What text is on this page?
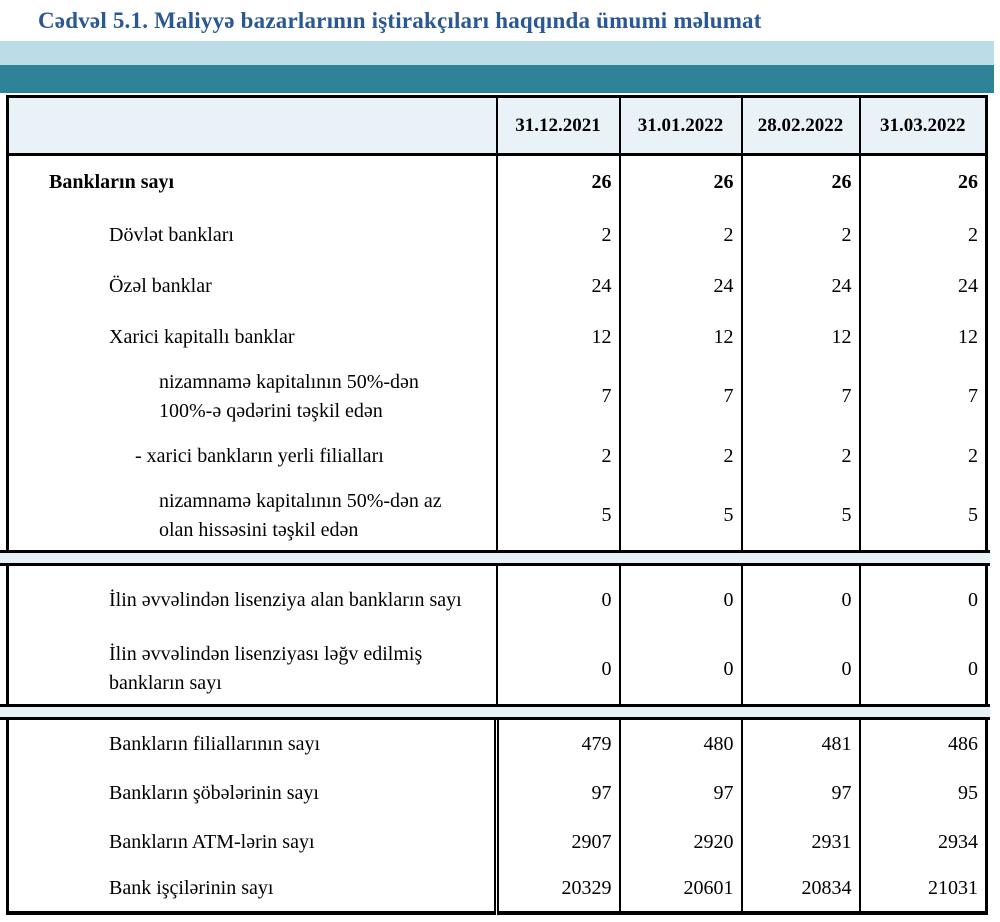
Cədvəl 5.1. Maliyyə bazarlarının iştirakçıları haqqında ümumi məlumat
	31.12.2021	31.01.2022	28.02.2022	31.03.2022
Bankların sayı	26	26	26	26
Dövlət bankları	2	2	2	2
Özəl banklar	24	24	24	24
Xarici kapitallı banklar	12	12	12	12
nizamnamə kapitalının 50%-dən 100%-ə qədərini təşkil edən	7	7	7	7
- xarici bankların yerli filialları	2	2	2	2
nizamnamə kapitalının 50%-dən az olan hissəsini təşkil edən	5	5	5	5
İlin əvvəlindən lisenziya alan bankların sayı	0	0	0	0
İlin əvvəlindən lisenziyası ləğv edilmiş bankların sayı	0	0	0	0
Bankların filiallarının sayı	479	480	481	486
Bankların şöbələrinin sayı	97	97	97	95
Bankların ATM-lərin sayı	2907	2920	2931	2934
Bank işçilərinin sayı	20329	20601	20834	21031
